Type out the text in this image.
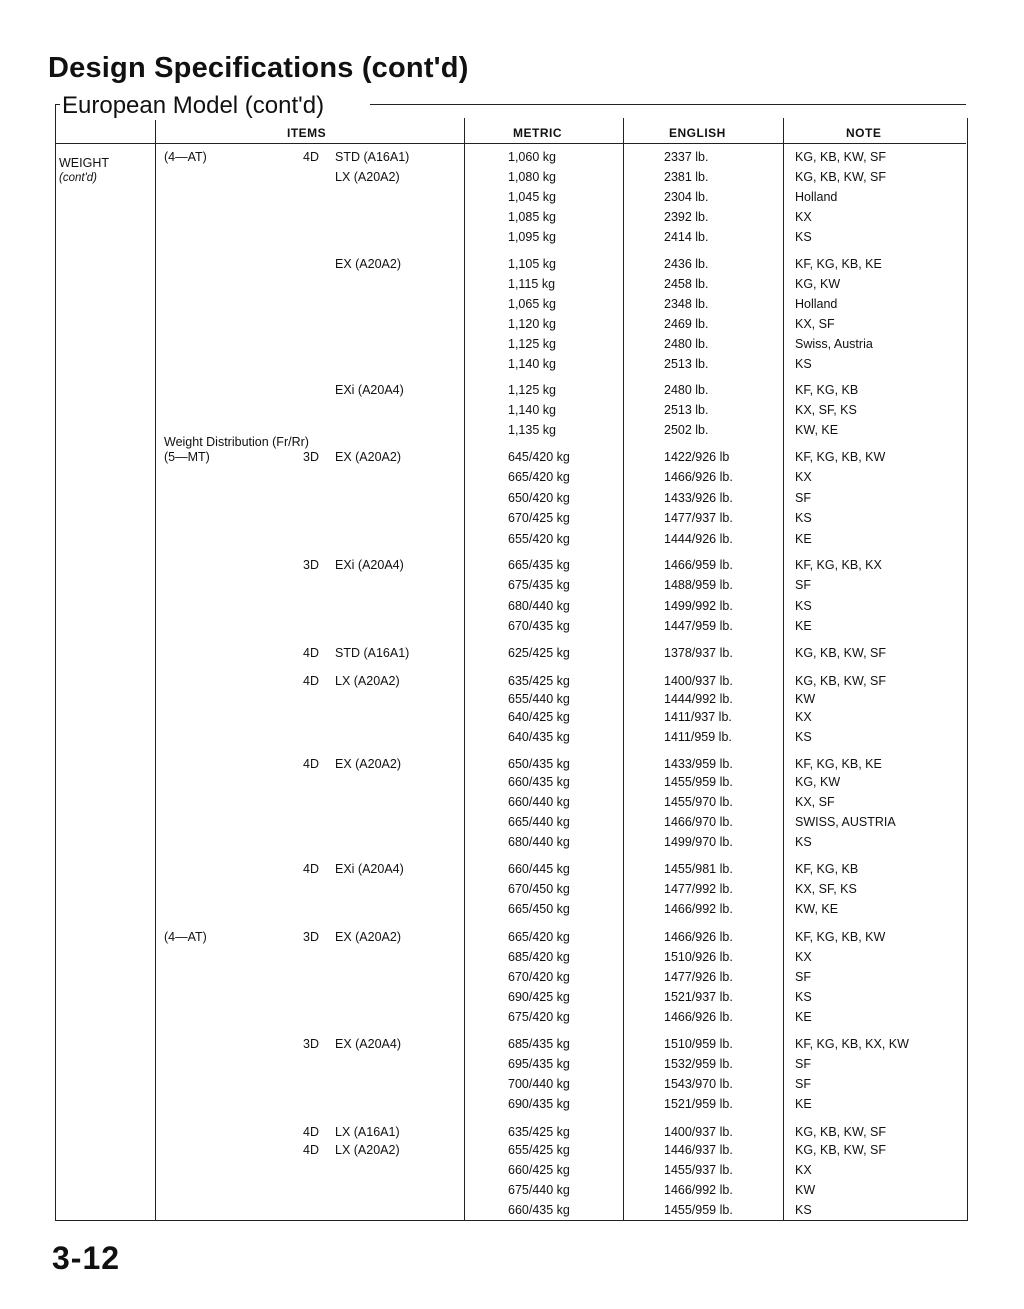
Design Specifications (cont'd)
European Model (cont'd)
ITEMS	METRIC	ENGLISH	NOTE
WEIGHT
(cont'd)
(4—AT)	4D STD (A16A1)	1,060 kg	2337 lb.	KG, KB, KW, SF
LX (A20A2)	1,080 kg	2381 lb.	KG, KB, KW, SF
1,045 kg	2304 lb.	Holland
1,085 kg	2392 lb.	KX
1,095 kg	2414 lb.	KS
EX (A20A2)	1,105 kg	2436 lb.	KF, KG, KB, KE
1,115 kg	2458 lb.	KG, KW
1,065 kg	2348 lb.	Holland
1,120 kg	2469 lb.	KX, SF
1,125 kg	2480 lb.	Swiss, Austria
1,140 kg	2513 lb.	KS
EXi (A20A4)	1,125 kg	2480 lb.	KF, KG, KB
1,140 kg	2513 lb.	KX, SF, KS
Weight Distribution (Fr/Rr)
1,135 kg	2502 lb.	KW, KE
(5—MT)	3D EX (A20A2)	645/420 kg	1422/926 lb	KF, KG, KB, KW
665/420 kg	1466/926 lb.	KX
650/420 kg	1433/926 lb.	SF
670/425 kg	1477/937 lb.	KS
655/420 kg	1444/926 lb.	KE
3D EXi (A20A4)	665/435 kg	1466/959 lb.	KF, KG, KB, KX
675/435 kg	1488/959 lb.	SF
680/440 kg	1499/992 lb.	KS
670/435 kg	1447/959 lb.	KE
4D STD (A16A1)	625/425 kg	1378/937 lb.	KG, KB, KW, SF
4D LX (A20A2)	635/425 kg	1400/937 lb.	KG, KB, KW, SF
655/440 kg	1444/992 lb.	KW
640/425 kg	1411/937 lb.	KX
640/435 kg	1411/959 lb.	KS
4D EX (A20A2)	650/435 kg	1433/959 lb.	KF, KG, KB, KE
660/435 kg	1455/959 lb.	KG, KW
660/440 kg	1455/970 lb.	KX, SF
665/440 kg	1466/970 lb.	SWISS, AUSTRIA
680/440 kg	1499/970 lb.	KS
4D EXi (A20A4)	660/445 kg	1455/981 lb.	KF, KG, KB
670/450 kg	1477/992 lb.	KX, SF, KS
665/450 kg	1466/992 lb.	KW, KE
(4—AT)	3D EX (A20A2)	665/420 kg	1466/926 lb.	KF, KG, KB, KW
685/420 kg	1510/926 lb.	KX
670/420 kg	1477/926 lb.	SF
690/425 kg	1521/937 lb.	KS
675/420 kg	1466/926 lb.	KE
3D EX (A20A4)	685/435 kg	1510/959 lb.	KF, KG, KB, KX, KW
695/435 kg	1532/959 lb.	SF
700/440 kg	1543/970 lb.	SF
690/435 kg	1521/959 lb.	KE
4D LX (A16A1)	635/425 kg	1400/937 lb.	KG, KB, KW, SF
4D LX (A20A2)	655/425 kg	1446/937 lb.	KG, KB, KW, SF
660/425 kg	1455/937 lb.	KX
675/440 kg	1466/992 lb.	KW
660/435 kg	1455/959 lb.	KS
3-12
